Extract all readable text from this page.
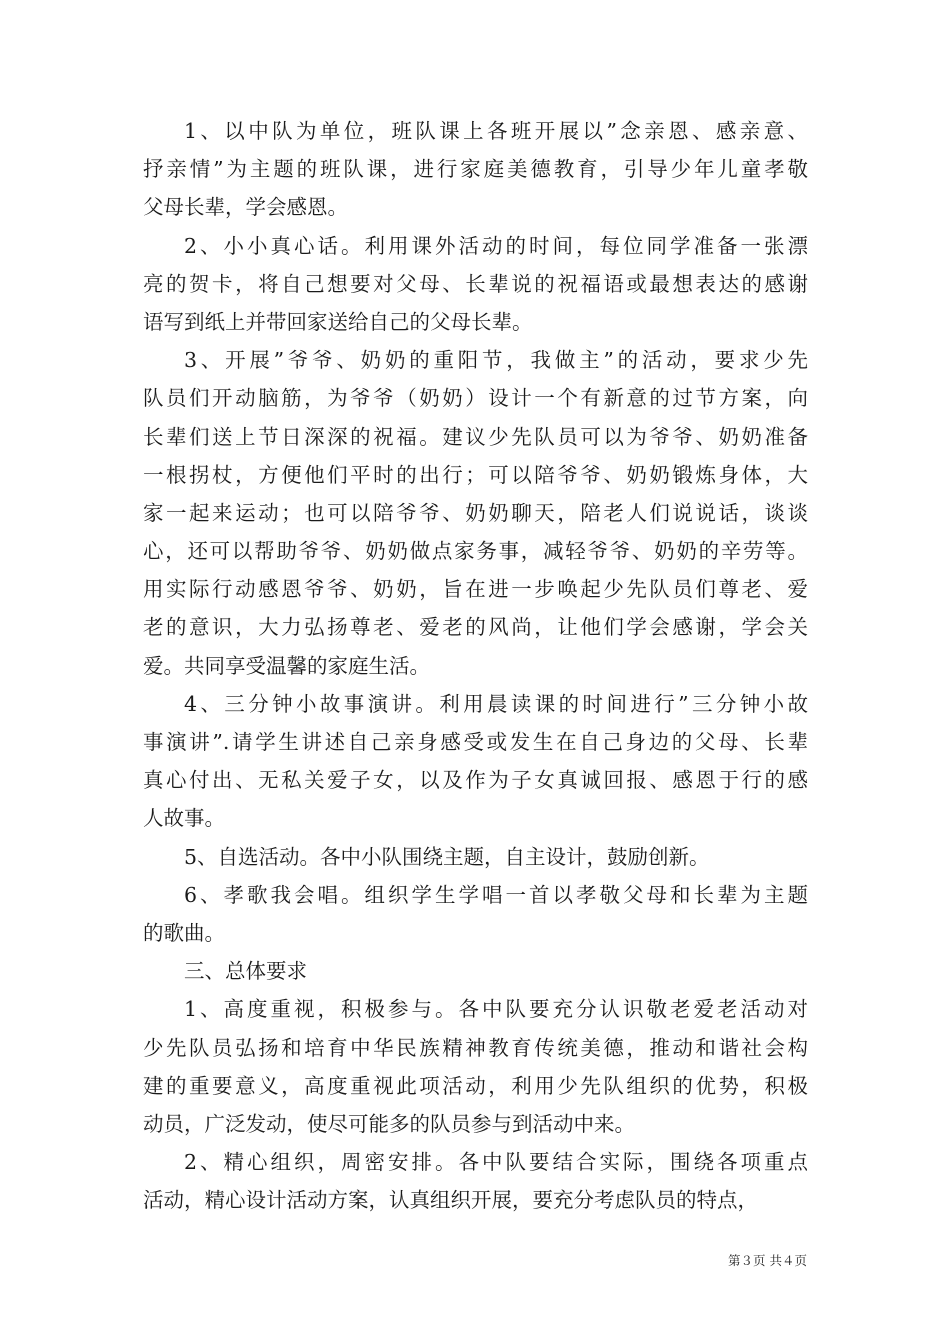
1、以中队为单位，班队课上各班开展以”念亲恩、感亲意、
抒亲情”为主题的班队课，进行家庭美德教育，引导少年儿童孝敬
父母长辈，学会感恩。
2、小小真心话。利用课外活动的时间，每位同学准备一张漂
亮的贺卡，将自己想要对父母、长辈说的祝福语或最想表达的感谢
语写到纸上并带回家送给自己的父母长辈。
3、开展”爷爷、奶奶的重阳节，我做主”的活动，要求少先
队员们开动脑筋，为爷爷（奶奶）设计一个有新意的过节方案，向
长辈们送上节日深深的祝福。建议少先队员可以为爷爷、奶奶准备
一根拐杖，方便他们平时的出行；可以陪爷爷、奶奶锻炼身体，大
家一起来运动；也可以陪爷爷、奶奶聊天，陪老人们说说话，谈谈
心，还可以帮助爷爷、奶奶做点家务事，减轻爷爷、奶奶的辛劳等。
用实际行动感恩爷爷、奶奶，旨在进一步唤起少先队员们尊老、爱
老的意识，大力弘扬尊老、爱老的风尚，让他们学会感谢，学会关
爱。共同享受温馨的家庭生活。
4、三分钟小故事演讲。利用晨读课的时间进行”三分钟小故
事演讲”.请学生讲述自己亲身感受或发生在自己身边的父母、长辈
真心付出、无私关爱子女，以及作为子女真诚回报、感恩于行的感
人故事。
5、自选活动。各中小队围绕主题，自主设计，鼓励创新。
6、孝歌我会唱。组织学生学唱一首以孝敬父母和长辈为主题
的歌曲。
三、总体要求
1、高度重视，积极参与。各中队要充分认识敬老爱老活动对
少先队员弘扬和培育中华民族精神教育传统美德，推动和谐社会构
建的重要意义，高度重视此项活动，利用少先队组织的优势，积极
动员，广泛发动，使尽可能多的队员参与到活动中来。
2、精心组织，周密安排。各中队要结合实际，围绕各项重点
活动，精心设计活动方案，认真组织开展，要充分考虑队员的特点，
第３页 共４页
